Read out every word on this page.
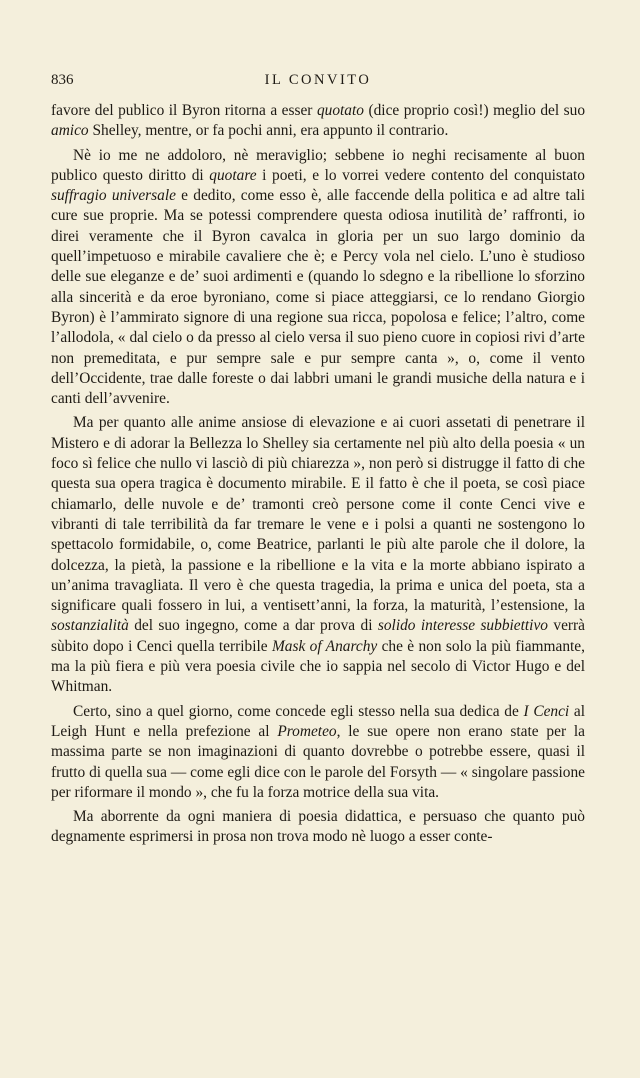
836	IL CONVITO

favore del publico il Byron ritorna a esser quotato (dice proprio così!) meglio del suo amico Shelley, mentre, or fa pochi anni, era appunto il contrario.

Nè io me ne addoloro, nè meraviglio; sebbene io neghi recisamente al buon publico questo diritto di quotare i poeti, e lo vorrei vedere contento del conquistato suffragio universale e dedito, come esso è, alle faccende della politica e ad altre tali cure sue proprie. Ma se potessi comprendere questa odiosa inutilità de’ raffronti, io direi veramente che il Byron cavalca in gloria per un suo largo dominio da quell’impetuoso e mirabile cavaliere che è; e Percy vola nel cielo. L’uno è studioso delle sue eleganze e de’ suoi ardimenti e (quando lo sdegno e la ribellione lo sforzino alla sincerità e da eroe byroniano, come si piace atteggiarsi, ce lo rendano Giorgio Byron) è l’ammirato signore di una regione sua ricca, popolosa e felice; l’altro, come l’allodola, « dal cielo o da presso al cielo versa il suo pieno cuore in copiosi rivi d’arte non premeditata, e pur sempre sale e pur sempre canta », o, come il vento dell’Occidente, trae dalle foreste o dai labbri umani le grandi musiche della natura e i canti dell’avvenire.

Ma per quanto alle anime ansiose di elevazione e ai cuori assetati di penetrare il Mistero e di adorar la Bellezza lo Shelley sia certamente nel più alto della poesia « un foco sì felice che nullo vi lasciò di più chiarezza », non però si distrugge il fatto di che questa sua opera tragica è documento mirabile. E il fatto è che il poeta, se così piace chiamarlo, delle nuvole e de’ tramonti creò persone come il conte Cenci vive e vibranti di tale terribilità da far tremare le vene e i polsi a quanti ne sostengono lo spettacolo formidabile, o, come Beatrice, parlanti le più alte parole che il dolore, la dolcezza, la pietà, la passione e la ribellione e la vita e la morte abbiano ispirato a un’anima travagliata. Il vero è che questa tragedia, la prima e unica del poeta, sta a significare quali fossero in lui, a ventisett’anni, la forza, la maturità, l’estensione, la sostanzialità del suo ingegno, come a dar prova di solido interesse subbiettivo verrà sùbito dopo i Cenci quella terribile Mask of Anarchy che è non solo la più fiammante, ma la più fiera e più vera poesia civile che io sappia nel secolo di Victor Hugo e del Whitman.

Certo, sino a quel giorno, come concede egli stesso nella sua dedica de I Cenci al Leigh Hunt e nella prefezione al Prometeo, le sue opere non erano state per la massima parte se non imaginazioni di quanto dovrebbe o potrebbe essere, quasi il frutto di quella sua — come egli dice con le parole del Forsyth — « singolare passione per riformare il mondo », che fu la forza motrice della sua vita.

Ma aborrente da ogni maniera di poesia didattica, e persuaso che quanto può degnamente esprimersi in prosa non trova modo nè luogo a esser conte-
